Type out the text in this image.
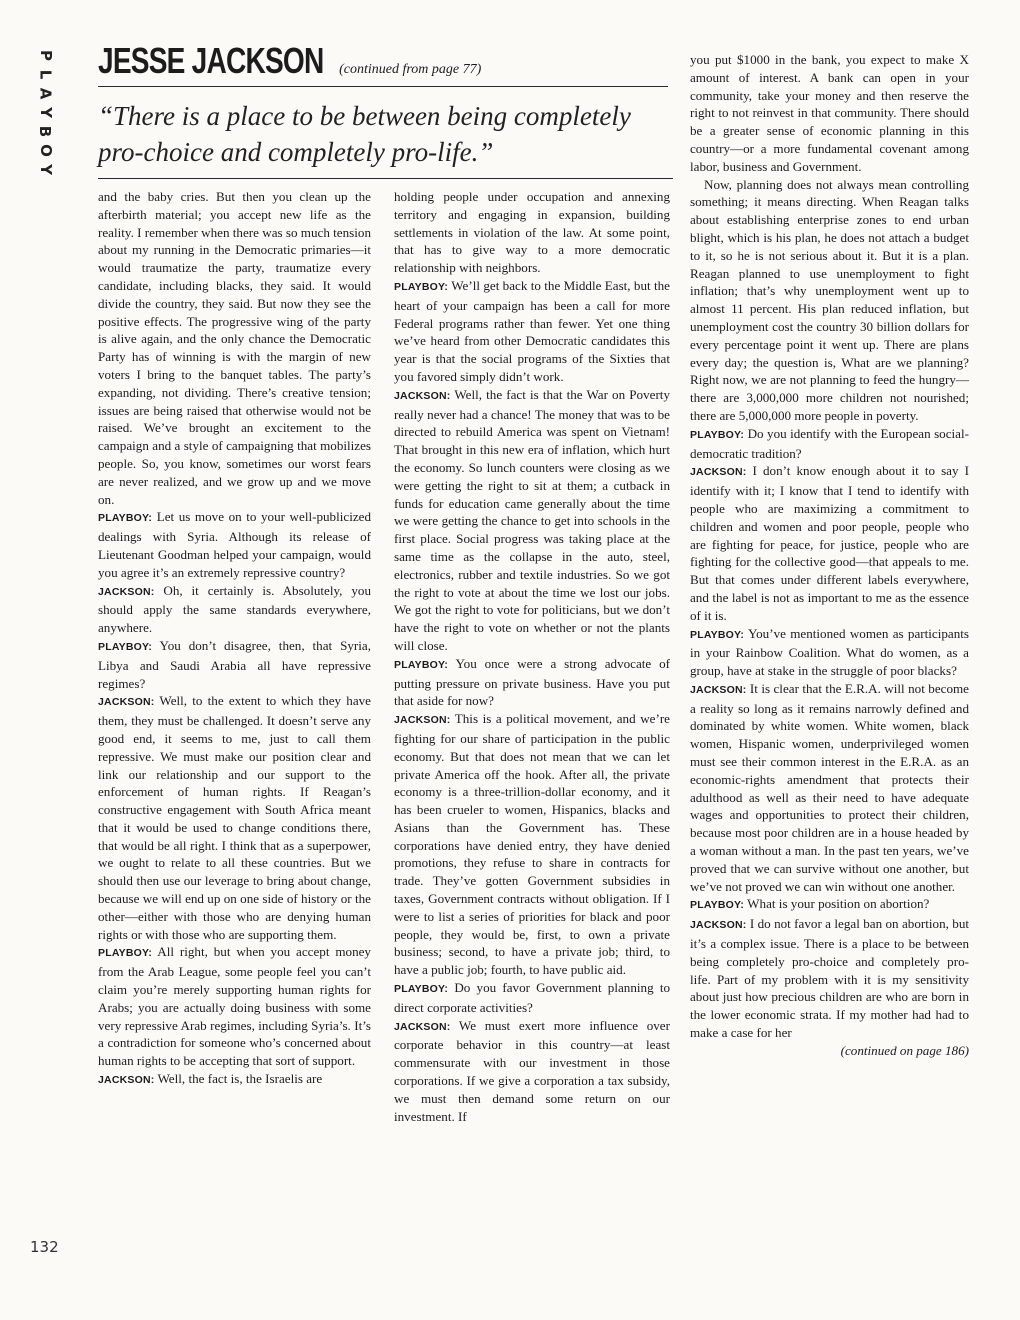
P
L
A
Y
B
O
Y
132
JESSE JACKSON (continued from page 77)
“There is a place to be between being completely pro-choice and completely pro-life.”

and the baby cries. But then you clean up the afterbirth material; you accept new life as the reality. I remember when there was so much tension about my running in the Democratic primaries—it would traumatize the party, traumatize every candidate, including blacks, they said. It would divide the country, they said. But now they see the positive effects. The progressive wing of the party is alive again, and the only chance the Democratic Party has of winning is with the margin of new voters I bring to the banquet tables. The party’s expanding, not dividing. There’s creative tension; issues are being raised that otherwise would not be raised. We’ve brought an excitement to the campaign and a style of campaigning that mobilizes people. So, you know, sometimes our worst fears are never realized, and we grow up and we move on.

PLAYBOY: Let us move on to your well-publicized dealings with Syria. Although its release of Lieutenant Goodman helped your campaign, would you agree it’s an extremely repressive country?

JACKSON: Oh, it certainly is. Absolutely, you should apply the same standards everywhere, anywhere.

PLAYBOY: You don’t disagree, then, that Syria, Libya and Saudi Arabia all have repressive regimes?

JACKSON: Well, to the extent to which they have them, they must be challenged. It doesn’t serve any good end, it seems to me, just to call them repressive. We must make our position clear and link our relationship and our support to the enforcement of human rights. If Reagan’s constructive engagement with South Africa meant that it would be used to change conditions there, that would be all right. I think that as a superpower, we ought to relate to all these countries. But we should then use our leverage to bring about change, because we will end up on one side of history or the other—either with those who are denying human rights or with those who are supporting them.

PLAYBOY: All right, but when you accept money from the Arab League, some people feel you can’t claim you’re merely supporting human rights for Arabs; you are actually doing business with some very repressive Arab regimes, including Syria’s. It’s a contradiction for someone who’s concerned about human rights to be accepting that sort of support.

JACKSON: Well, the fact is, the Israelis are

holding people under occupation and annexing territory and engaging in expansion, building settlements in violation of the law. At some point, that has to give way to a more democratic relationship with neighbors.

PLAYBOY: We’ll get back to the Middle East, but the heart of your campaign has been a call for more Federal programs rather than fewer. Yet one thing we’ve heard from other Democratic candidates this year is that the social programs of the Sixties that you favored simply didn’t work.

JACKSON: Well, the fact is that the War on Poverty really never had a chance! The money that was to be directed to rebuild America was spent on Vietnam! That brought in this new era of inflation, which hurt the economy. So lunch counters were closing as we were getting the right to sit at them; a cutback in funds for education came generally about the time we were getting the chance to get into schools in the first place. Social progress was taking place at the same time as the collapse in the auto, steel, electronics, rubber and textile industries. So we got the right to vote at about the time we lost our jobs. We got the right to vote for politicians, but we don’t have the right to vote on whether or not the plants will close.

PLAYBOY: You once were a strong advocate of putting pressure on private business. Have you put that aside for now?

JACKSON: This is a political movement, and we’re fighting for our share of participation in the public economy. But that does not mean that we can let private America off the hook. After all, the private economy is a three-trillion-dollar economy, and it has been crueler to women, Hispanics, blacks and Asians than the Government has. These corporations have denied entry, they have denied promotions, they refuse to share in contracts for trade. They’ve gotten Government subsidies in taxes, Government contracts without obligation. If I were to list a series of priorities for black and poor people, they would be, first, to own a private business; second, to have a private job; third, to have a public job; fourth, to have public aid.

PLAYBOY: Do you favor Government planning to direct corporate activities?

JACKSON: We must exert more influence over corporate behavior in this country—at least commensurate with our investment in those corporations. If we give a corporation a tax subsidy, we must then demand some return on our investment. If

you put $1000 in the bank, you expect to make X amount of interest. A bank can open in your community, take your money and then reserve the right to not reinvest in that community. There should be a greater sense of economic planning in this country—or a more fundamental covenant among labor, business and Government.

Now, planning does not always mean controlling something; it means directing. When Reagan talks about establishing enterprise zones to end urban blight, which is his plan, he does not attach a budget to it, so he is not serious about it. But it is a plan. Reagan planned to use unemployment to fight inflation; that’s why unemployment went up to almost 11 percent. His plan reduced inflation, but unemployment cost the country 30 billion dollars for every percentage point it went up. There are plans every day; the question is, What are we planning? Right now, we are not planning to feed the hungry—there are 3,000,000 more children not nourished; there are 5,000,000 more people in poverty.

PLAYBOY: Do you identify with the European social-democratic tradition?

JACKSON: I don’t know enough about it to say I identify with it; I know that I tend to identify with people who are maximizing a commitment to children and women and poor people, people who are fighting for peace, for justice, people who are fighting for the collective good—that appeals to me. But that comes under different labels everywhere, and the label is not as important to me as the essence of it is.

PLAYBOY: You’ve mentioned women as participants in your Rainbow Coalition. What do women, as a group, have at stake in the struggle of poor blacks?

JACKSON: It is clear that the E.R.A. will not become a reality so long as it remains narrowly defined and dominated by white women. White women, black women, Hispanic women, underprivileged women must see their common interest in the E.R.A. as an economic-rights amendment that protects their adulthood as well as their need to have adequate wages and opportunities to protect their children, because most poor children are in a house headed by a woman without a man. In the past ten years, we’ve proved that we can survive without one another, but we’ve not proved we can win without one another.

PLAYBOY: What is your position on abortion?

JACKSON: I do not favor a legal ban on abortion, but it’s a complex issue. There is a place to be between being completely pro-choice and completely pro-life. Part of my problem with it is my sensitivity about just how precious children are who are born in the lower economic strata. If my mother had had to make a case for her

(continued on page 186)
